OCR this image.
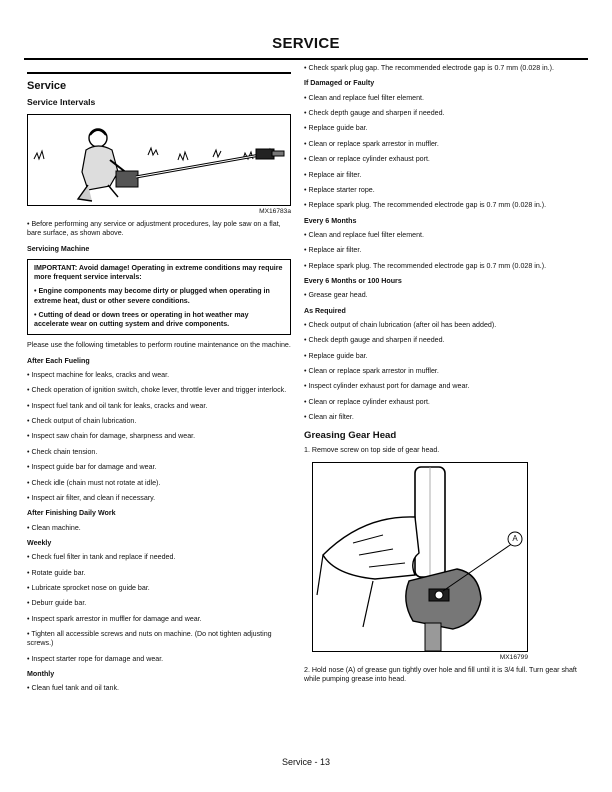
SERVICE
Service
Service Intervals
MX16783a

• Before performing any service or adjustment procedures, lay pole saw on a flat, bare surface, as shown above.

Servicing Machine

IMPORTANT: Avoid damage! Operating in extreme conditions may require more frequent service intervals:

• Engine components may become dirty or plugged when operating in extreme heat, dust or other severe conditions.

• Cutting of dead or down trees or operating in hot weather may accelerate wear on cutting system and drive components.

Please use the following timetables to perform routine maintenance on the machine.

After Each Fueling

• Inspect machine for leaks, cracks and wear.

• Check operation of ignition switch, choke lever, throttle lever and trigger interlock.

• Inspect fuel tank and oil tank for leaks, cracks and wear.

• Check output of chain lubrication.

• Inspect saw chain for damage, sharpness and wear.

• Check chain tension.

• Inspect guide bar for damage and wear.

• Check idle (chain must not rotate at idle).

• Inspect air filter, and clean if necessary.

After Finishing Daily Work

• Clean machine.

Weekly

• Check fuel filter in tank and replace if needed.

• Rotate guide bar.

• Lubricate sprocket nose on guide bar.

• Deburr guide bar.

• Inspect spark arrestor in muffler for damage and wear.

• Tighten all accessible screws and nuts on machine. (Do not tighten adjusting screws.)

• Inspect starter rope for damage and wear.

Monthly

• Clean fuel tank and oil tank.

• Check spark plug gap. The recommended electrode gap is 0.7 mm (0.028 in.).

If Damaged or Faulty

• Clean and replace fuel filter element.

• Check depth gauge and sharpen if needed.

• Replace guide bar.

• Clean or replace spark arrestor in muffler.

• Clean or replace cylinder exhaust port.

• Replace air filter.

• Replace starter rope.

• Replace spark plug. The recommended electrode gap is 0.7 mm (0.028 in.).

Every 6 Months

• Clean and replace fuel filter element.

• Replace air filter.

• Replace spark plug. The recommended electrode gap is 0.7 mm (0.028 in.).

Every 6 Months or 100 Hours

• Grease gear head.

As Required

• Check output of chain lubrication (after oil has been added).

• Check depth gauge and sharpen if needed.

• Replace guide bar.

• Clean or replace spark arrestor in muffler.

• Inspect cylinder exhaust port for damage and wear.

• Clean or replace cylinder exhaust port.

• Clean air filter.

Greasing Gear Head

1. Remove screw on top side of gear head.

A
MX16799

2. Hold nose (A) of grease gun tightly over hole and fill until it is 3/4 full. Turn gear shaft while pumping grease into head.

Service - 13
